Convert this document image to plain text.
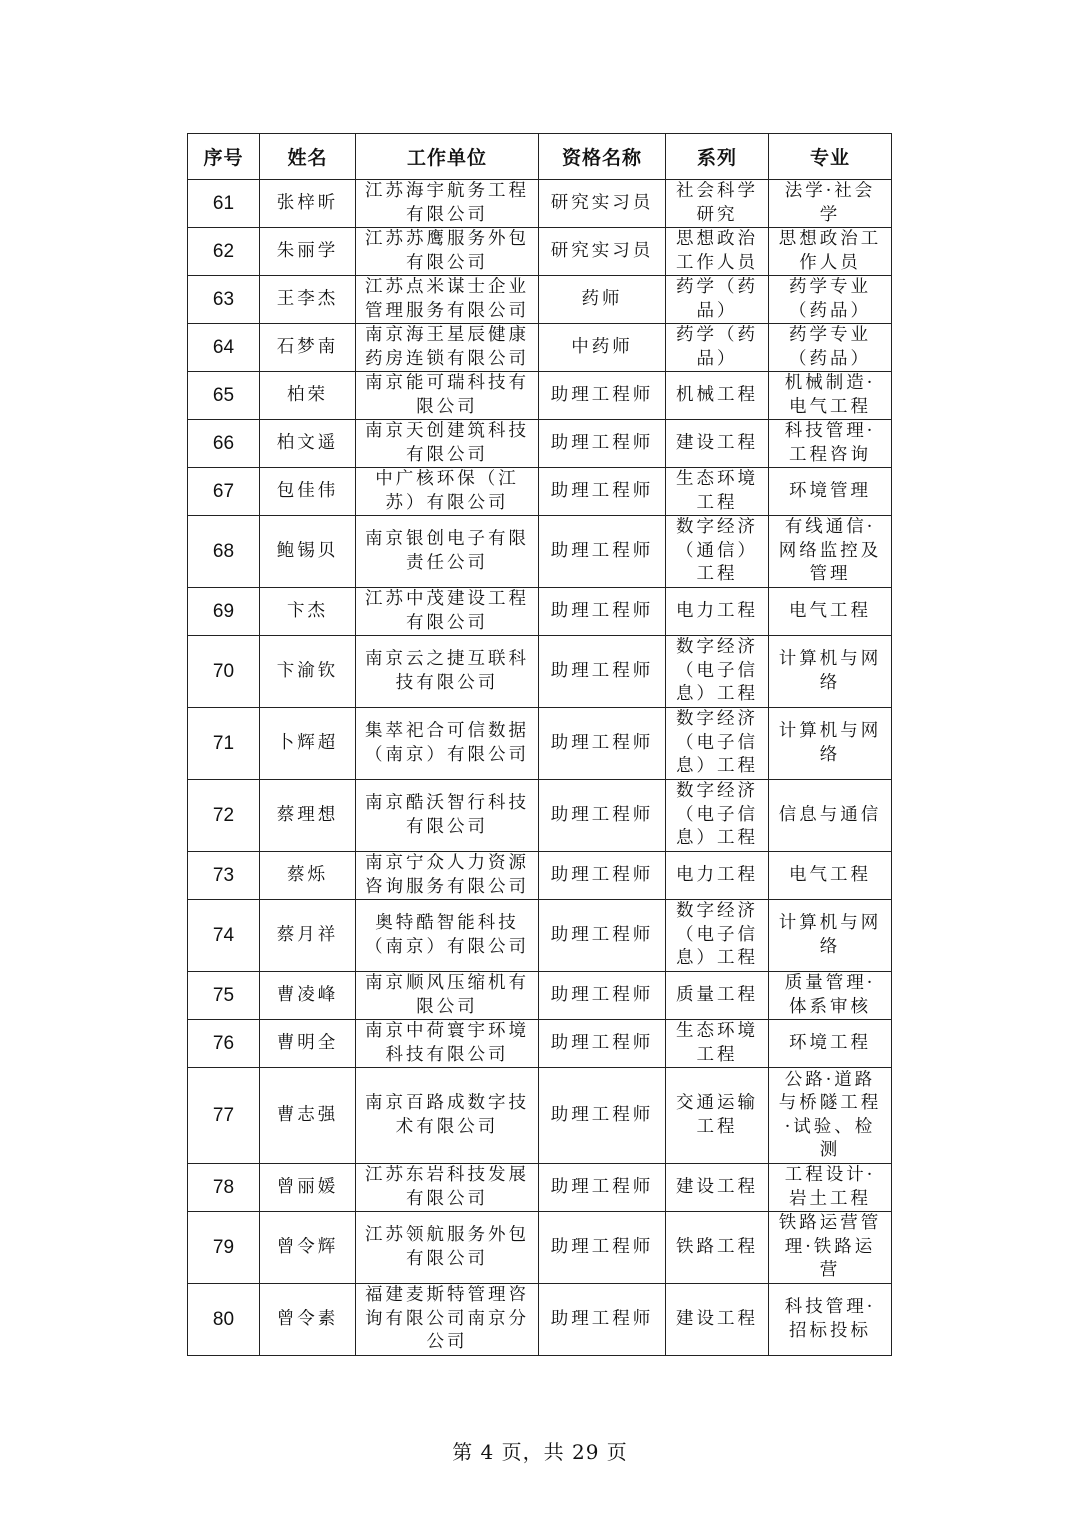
序号	姓名	工作单位	资格名称	系列	专业
61	张梓昕	江苏海宇航务工程有限公司	研究实习员	社会科学研究	法学·社会学
62	朱丽学	江苏苏鹰服务外包有限公司	研究实习员	思想政治工作人员	思想政治工作人员
63	王李杰	江苏点米谋士企业管理服务有限公司	药师	药学（药品）	药学专业（药品）
64	石梦南	南京海王星辰健康药房连锁有限公司	中药师	药学（药品）	药学专业（药品）
65	柏荣	南京能可瑞科技有限公司	助理工程师	机械工程	机械制造·电气工程
66	柏文遥	南京天创建筑科技有限公司	助理工程师	建设工程	科技管理·工程咨询
67	包佳伟	中广核环保（江苏）有限公司	助理工程师	生态环境工程	环境管理
68	鲍锡贝	南京银创电子有限责任公司	助理工程师	数字经济（通信）工程	有线通信·网络监控及管理
69	卞杰	江苏中茂建设工程有限公司	助理工程师	电力工程	电气工程
70	卞渝钦	南京云之捷互联科技有限公司	助理工程师	数字经济（电子信息）工程	计算机与网络
71	卜辉超	集萃祀合可信数据（南京）有限公司	助理工程师	数字经济（电子信息）工程	计算机与网络
72	蔡理想	南京酷沃智行科技有限公司	助理工程师	数字经济（电子信息）工程	信息与通信
73	蔡烁	南京宁众人力资源咨询服务有限公司	助理工程师	电力工程	电气工程
74	蔡月祥	奥特酷智能科技（南京）有限公司	助理工程师	数字经济（电子信息）工程	计算机与网络
75	曹凌峰	南京顺风压缩机有限公司	助理工程师	质量工程	质量管理·体系审核
76	曹明全	南京中荷寰宇环境科技有限公司	助理工程师	生态环境工程	环境工程
77	曹志强	南京百路成数字技术有限公司	助理工程师	交通运输工程	公路·道路与桥隧工程·试验、检测
78	曾丽媛	江苏东岩科技发展有限公司	助理工程师	建设工程	工程设计·岩土工程
79	曾令辉	江苏领航服务外包有限公司	助理工程师	铁路工程	铁路运营管理·铁路运营
80	曾令素	福建麦斯特管理咨询有限公司南京分公司	助理工程师	建设工程	科技管理·招标投标
第 4 页，共 29 页
